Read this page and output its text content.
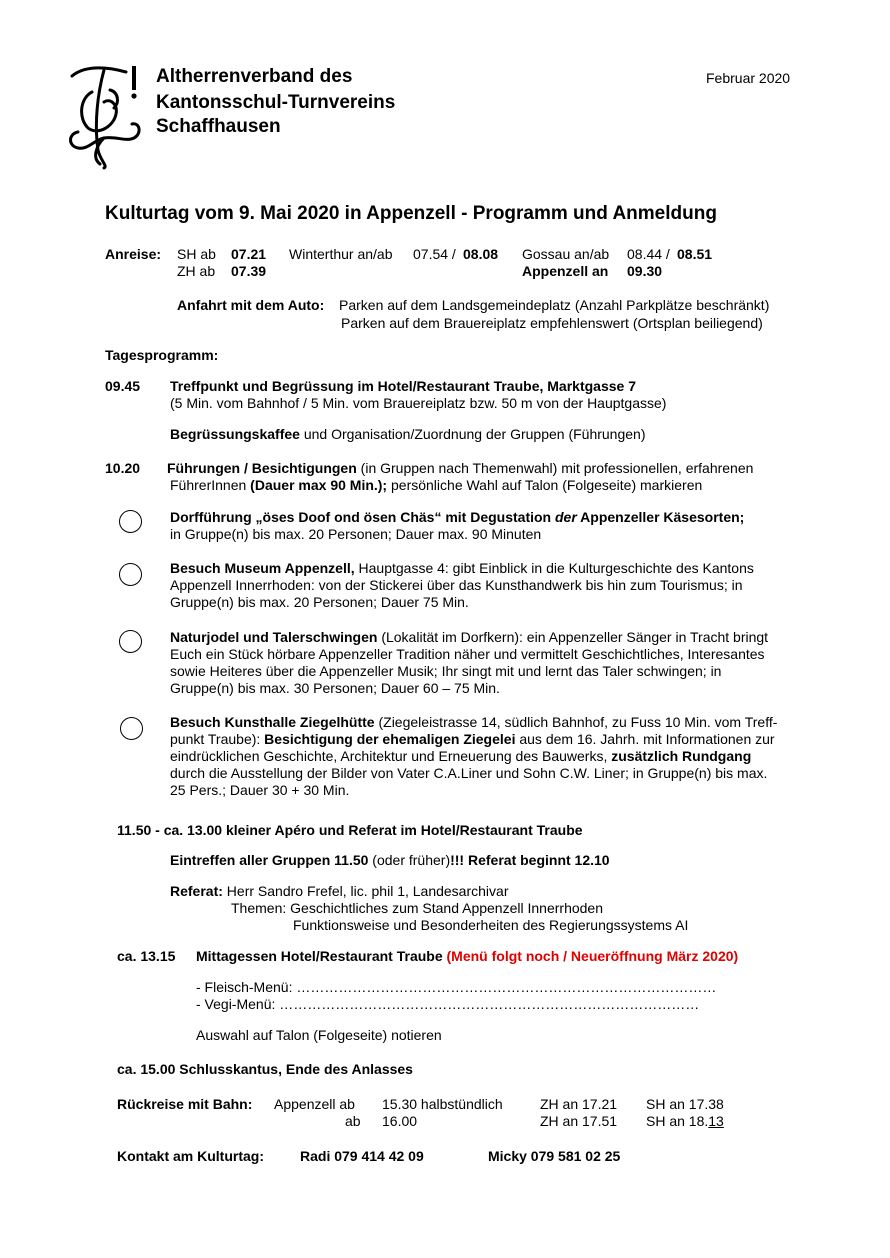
Altherrenverband des
Kantonsschul-Turnvereins
Schaffhausen
Februar 2020
Kulturtag vom 9. Mai 2020 in Appenzell - Programm und Anmeldung
Anreise: SH ab 07.21
ZH ab 07.39
Winterthur an/ab 07.54 / 08.08 Gossau an/ab 08.44 / 08.51
Appenzell an 09.30
Anfahrt mit dem Auto: Parken auf dem Landsgemeindeplatz (Anzahl Parkplätze beschränkt)
Parken auf dem Brauereiplatz empfehlenswert (Ortsplan beiliegend)
Tagesprogramm:
09.45 Treffpunkt und Begrüssung im Hotel/Restaurant Traube, Marktgasse 7
(5 Min. vom Bahnhof / 5 Min. vom Brauereiplatz bzw. 50 m von der Hauptgasse)
Begrüssungskaffee und Organisation/Zuordnung der Gruppen (Führungen)
10.20 Führungen / Besichtigungen (in Gruppen nach Themenwahl) mit professionellen, erfahrenen
FührerInnen (Dauer max 90 Min.); persönliche Wahl auf Talon (Folgeseite) markieren
Dorfführung „öses Doof ond ösen Chäs“ mit Degustation der Appenzeller Käsesorten;
in Gruppe(n) bis max. 20 Personen; Dauer max. 90 Minuten
Besuch Museum Appenzell, Hauptgasse 4: gibt Einblick in die Kulturgeschichte des Kantons
Appenzell Innerrhoden: von der Stickerei über das Kunsthandwerk bis hin zum Tourismus; in
Gruppe(n) bis max. 20 Personen; Dauer 75 Min.
Naturjodel und Talerschwingen (Lokalität im Dorfkern): ein Appenzeller Sänger in Tracht bringt
Euch ein Stück hörbare Appenzeller Tradition näher und vermittelt Geschichtliches, Interesantes
sowie Heiteres über die Appenzeller Musik; Ihr singt mit und lernt das Taler schwingen; in
Gruppe(n) bis max. 30 Personen; Dauer 60 – 75 Min.
Besuch Kunsthalle Ziegelhütte (Ziegeleistrasse 14, südlich Bahnhof, zu Fuss 10 Min. vom Treff-
punkt Traube): Besichtigung der ehemaligen Ziegelei aus dem 16. Jahrh. mit Informationen zur
eindrücklichen Geschichte, Architektur und Erneuerung des Bauwerks, zusätzlich Rundgang
durch die Ausstellung der Bilder von Vater C.A.Liner und Sohn C.W. Liner; in Gruppe(n) bis max.
25 Pers.; Dauer 30 + 30 Min.
11.50 - ca. 13.00 kleiner Apéro und Referat im Hotel/Restaurant Traube
Eintreffen aller Gruppen 11.50 (oder früher)!!! Referat beginnt 12.10
Referat: Herr Sandro Frefel, lic. phil 1, Landesarchivar
Themen: Geschichtliches zum Stand Appenzell Innerrhoden
Funktionsweise und Besonderheiten des Regierungssystems AI
ca. 13.15 Mittagessen Hotel/Restaurant Traube (Menü folgt noch / Neueröffnung März 2020)
- Fleisch-Menü: ………………………………………………………………………………
- Vegi-Menü: ………………………………………………………………………………
Auswahl auf Talon (Folgeseite) notieren
ca. 15.00 Schlusskantus, Ende des Anlasses
Rückreise mit Bahn: Appenzell ab
ab
15.30 halbstündlich
16.00
ZH an 17.21
ZH an 17.51
SH an 17.38
SH an 18.13
Kontakt am Kulturtag:	Radi 079 414 42 09	Micky 079 581 02 25
